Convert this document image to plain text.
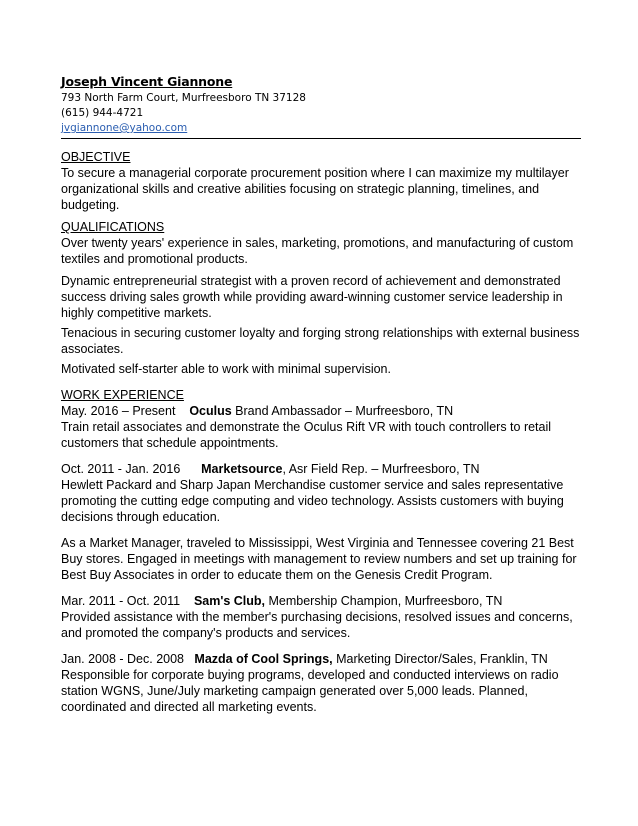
Joseph Vincent Giannone
793 North Farm Court, Murfreesboro TN 37128
(615) 944-4721
jvgiannone@yahoo.com
OBJECTIVE
To secure a managerial corporate procurement position where I can maximize my multilayer organizational skills and creative abilities focusing on strategic planning, timelines, and budgeting.
QUALIFICATIONS
Over twenty years' experience in sales, marketing, promotions, and manufacturing of custom textiles and promotional products.
Dynamic entrepreneurial strategist with a proven record of achievement and demonstrated success driving sales growth while providing award-winning customer service leadership in highly competitive markets.
Tenacious in securing customer loyalty and forging strong relationships with external business associates.
Motivated self-starter able to work with minimal supervision.
WORK EXPERIENCE
May. 2016 – Present Oculus Brand Ambassador – Murfreesboro, TN
Train retail associates and demonstrate the Oculus Rift VR with touch controllers to retail customers that schedule appointments.
Oct. 2011 - Jan. 2016 Marketsource, Asr Field Rep. – Murfreesboro, TN
Hewlett Packard and Sharp Japan Merchandise customer service and sales representative promoting the cutting edge computing and video technology. Assists customers with buying decisions through education.
As a Market Manager, traveled to Mississippi, West Virginia and Tennessee covering 21 Best Buy stores. Engaged in meetings with management to review numbers and set up training for Best Buy Associates in order to educate them on the Genesis Credit Program.
Mar. 2011 - Oct. 2011 Sam's Club, Membership Champion, Murfreesboro, TN
Provided assistance with the member's purchasing decisions, resolved issues and concerns, and promoted the company's products and services.
Jan. 2008 - Dec. 2008 Mazda of Cool Springs, Marketing Director/Sales, Franklin, TN
Responsible for corporate buying programs, developed and conducted interviews on radio station WGNS, June/July marketing campaign generated over 5,000 leads. Planned, coordinated and directed all marketing events.
